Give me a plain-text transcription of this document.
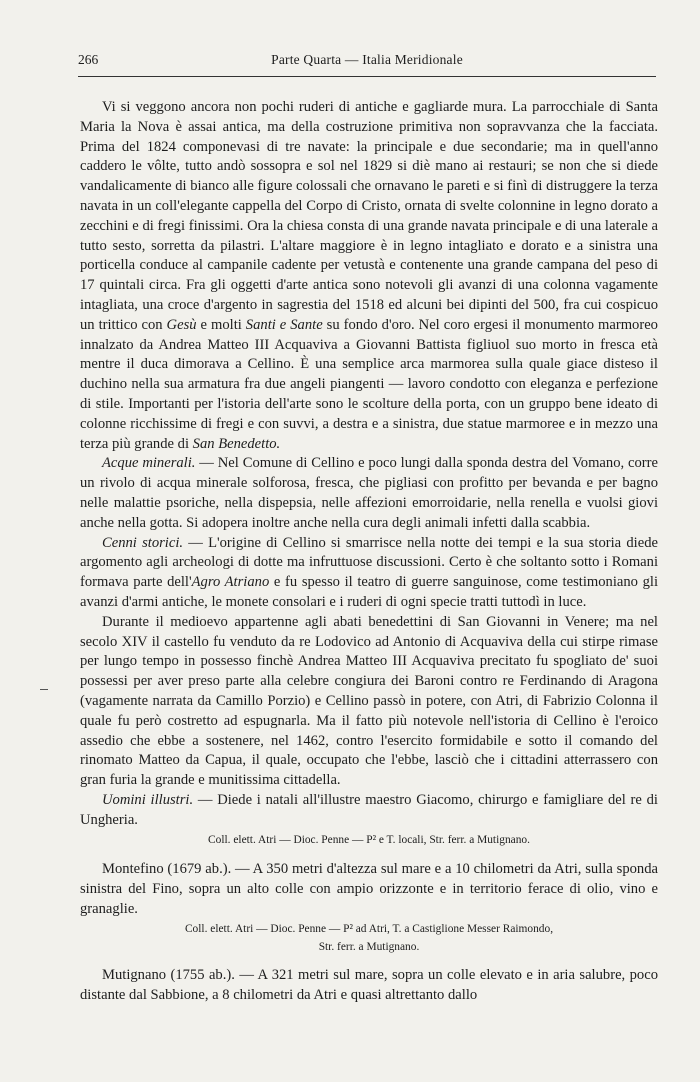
266	Parte Quarta — Italia Meridionale

Vi si veggono ancora non pochi ruderi di antiche e gagliarde mura. La parrocchiale di Santa Maria la Nova è assai antica, ma della costruzione primitiva non sopravvanza che la facciata. Prima del 1824 componevasi di tre navate: la principale e due secondarie; ma in quell'anno caddero le vôlte, tutto andò sossopra e sol nel 1829 si diè mano ai restauri; se non che si diede vandalicamente di bianco alle figure colossali che ornavano le pareti e si finì di distruggere la terza navata in un coll'elegante cappella del Corpo di Cristo, ornata di svelte colonnine in legno dorato a zecchini e di fregi finissimi. Ora la chiesa consta di una grande navata principale e di una laterale a tutto sesto, sorretta da pilastri. L'altare maggiore è in legno intagliato e dorato e a sinistra una porticella conduce al campanile cadente per vetustà e contenente una grande campana del peso di 17 quintali circa. Fra gli oggetti d'arte antica sono notevoli gli avanzi di una colonna vagamente intagliata, una croce d'argento in sagrestia del 1518 ed alcuni bei dipinti del 500, fra cui cospicuo un trittico con Gesù e molti Santi e Sante su fondo d'oro. Nel coro ergesi il monumento marmoreo innalzato da Andrea Matteo III Acquaviva a Giovanni Battista figliuol suo morto in fresca età mentre il duca dimorava a Cellino. È una semplice arca marmorea sulla quale giace disteso il duchino nella sua armatura fra due angeli piangenti — lavoro condotto con eleganza e perfezione di stile. Importanti per l'istoria dell'arte sono le scolture della porta, con un gruppo bene ideato di colonne ricchissime di fregi e con suvvi, a destra e a sinistra, due statue marmoree e in mezzo una terza più grande di San Benedetto.

Acque minerali. — Nel Comune di Cellino e poco lungi dalla sponda destra del Vomano, corre un rivolo di acqua minerale solforosa, fresca, che pigliasi con profitto per bevanda e per bagno nelle malattie psoriche, nella dispepsia, nelle affezioni emorroidarie, nella renella e vuolsi giovi anche nella gotta. Si adopera inoltre anche nella cura degli animali infetti dalla scabbia.

Cenni storici. — L'origine di Cellino si smarrisce nella notte dei tempi e la sua storia diede argomento agli archeologi di dotte ma infruttuose discussioni. Certo è che soltanto sotto i Romani formava parte dell'Agro Atriano e fu spesso il teatro di guerre sanguinose, come testimoniano gli avanzi d'armi antiche, le monete consolari e i ruderi di ogni specie tratti tuttodì in luce.

Durante il medioevo appartenne agli abati benedettini di San Giovanni in Venere; ma nel secolo XIV il castello fu venduto da re Lodovico ad Antonio di Acquaviva della cui stirpe rimase per lungo tempo in possesso finchè Andrea Matteo III Acquaviva precitato fu spogliato de' suoi possessi per aver preso parte alla celebre congiura dei Baroni contro re Ferdinando di Aragona (vagamente narrata da Camillo Porzio) e Cellino passò in potere, con Atri, di Fabrizio Colonna il quale fu però costretto ad espugnarla. Ma il fatto più notevole nell'istoria di Cellino è l'eroico assedio che ebbe a sostenere, nel 1462, contro l'esercito formidabile e sotto il comando del rinomato Matteo da Capua, il quale, occupato che l'ebbe, lasciò che i cittadini atterrassero con gran furia la grande e munitissima cittadella.

Uomini illustri. — Diede i natali all'illustre maestro Giacomo, chirurgo e famigliare del re di Ungheria.

Coll. elett. Atri — Dioc. Penne — P² e T. locali, Str. ferr. a Mutignano.

Montefino (1679 ab.). — A 350 metri d'altezza sul mare e a 10 chilometri da Atri, sulla sponda sinistra del Fino, sopra un alto colle con ampio orizzonte e in territorio ferace di olio, vino e granaglie.

Coll. elett. Atri — Dioc. Penne — P² ad Atri, T. a Castiglione Messer Raimondo,
Str. ferr. a Mutignano.

Mutignano (1755 ab.). — A 321 metri sul mare, sopra un colle elevato e in aria salubre, poco distante dal Sabbione, a 8 chilometri da Atri e quasi altrettanto dallo
